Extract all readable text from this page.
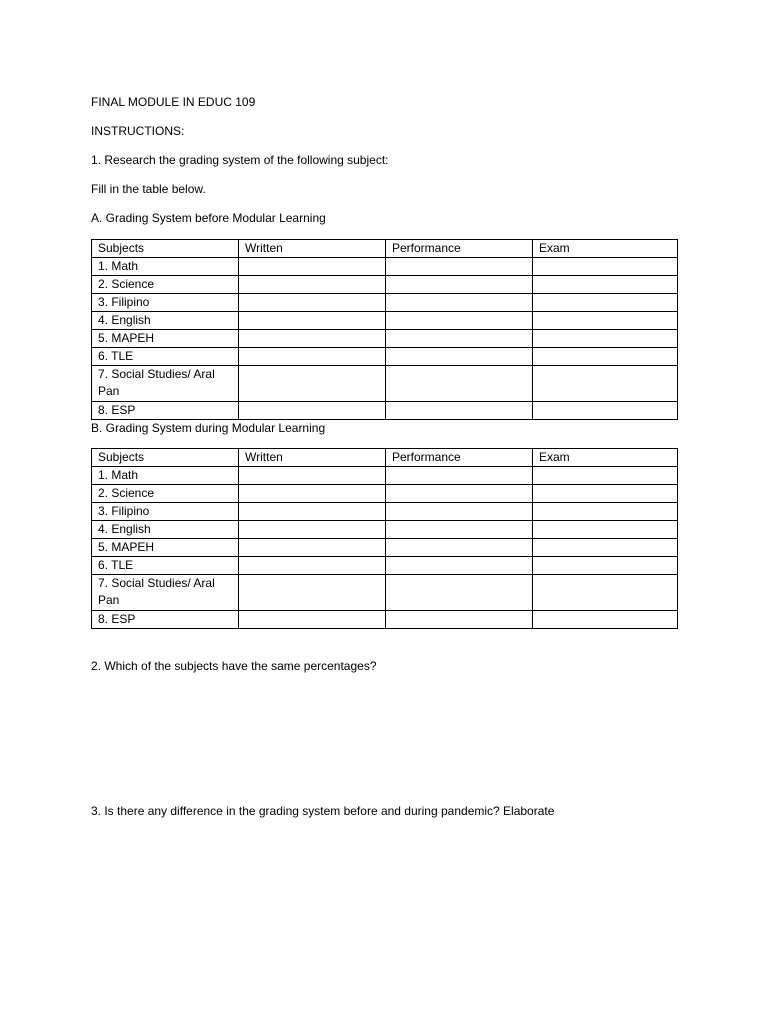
FINAL MODULE IN EDUC 109
INSTRUCTIONS:
1. Research the grading system of the following subject:
Fill in the table below.
A. Grading System before Modular Learning
Subjects	Written	Performance	Exam
1. Math			
2. Science			
3. Filipino			
4. English			
5. MAPEH			
6. TLE			

7. Social Studies/ Aral Pan			

8. ESP			
B. Grading System during Modular Learning
Subjects	Written	Performance	Exam
1. Math			
2. Science			
3. Filipino			
4. English			
5. MAPEH			
6. TLE			

7. Social Studies/ Aral Pan			

8. ESP			
2. Which of the subjects have the same percentages?
3. Is there any difference in the grading system before and during pandemic? Elaborate
